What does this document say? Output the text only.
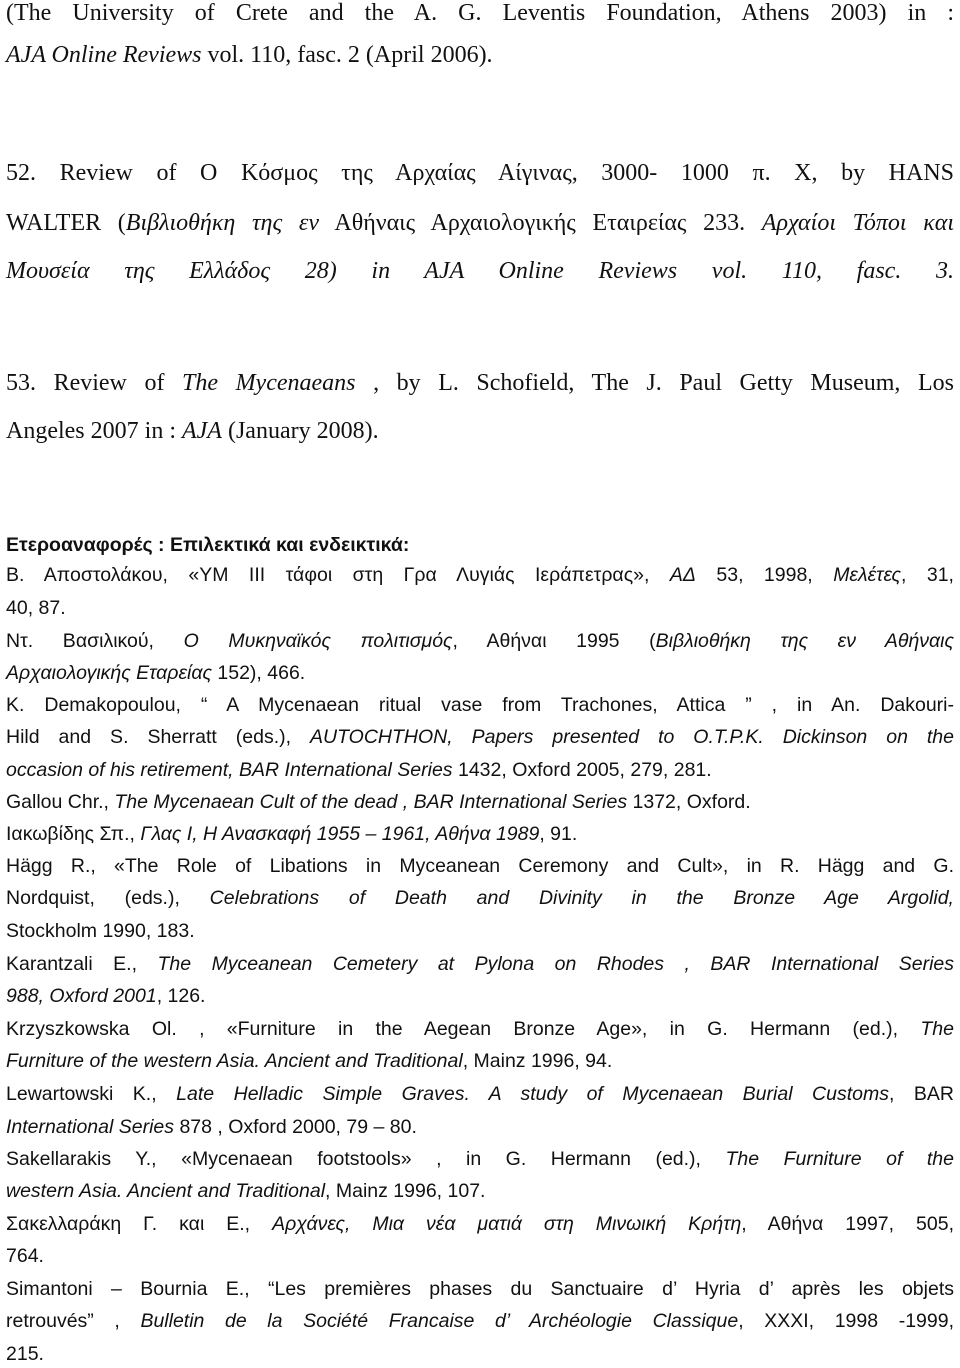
(The University of Crete and the A. G. Leventis Foundation, Athens 2003) in :
AJA Online Reviews vol. 110, fasc. 2 (April 2006).
52. Review of Ο Κόσμος της Αρχαίας Αίγινας, 3000- 1000 π. Χ, by HANS
WALTER (Βιβλιοθήκη της εν Αθήναις Αρχαιολογικής Εταιρείας 233. Αρχαίοι Τόποι και
Μουσεία της Ελλάδος 28) in AJA Online Reviews vol. 110, fasc. 3.
53. Review of The Mycenaeans , by L. Schofield, The J. Paul Getty Museum, Los
Angeles 2007 in : AJA (January 2008).
Ετεροαναφορές : Επιλεκτικά και ενδεικτικά:
Β. Αποστολάκου, «ΥΜ ΙΙΙ τάφοι στη Γρα Λυγιάς Ιεράπετρας», ΑΔ 53, 1998, Μελέτες, 31,
40, 87.
Ντ. Βασιλικού, Ο Μυκηναϊκός πολιτισμός, Αθήναι 1995 (Βιβλιοθήκη της εν Αθήναις
Αρχαιολογικής Εταρείας 152), 466.
K. Demakopoulou, “ A Mycenaean ritual vase from Trachones, Attica ” , in An. Dakouri-
Hild and S. Sherratt (eds.), AUTOCHTHON, Papers presented to O.T.P.K. Dickinson on the
occasion of his retirement, BAR International Series 1432, Oxford 2005, 279, 281.
Gallou Chr., The Mycenaean Cult of the dead , BAR International Series 1372, Oxford.
Ιακωβίδης Σπ., Γλας Ι, Η Ανασκαφή 1955 – 1961, Αθήνα 1989, 91.
Hägg R., «The Role of Libations in Myceanean Ceremony and Cult», in R. Hägg and G.
Nordquist, (eds.), Celebrations of Death and Divinity in the Bronze Age Argolid,
Stockholm 1990, 183.
Karantzali E., The Myceanean Cemetery at Pylona on Rhodes , BAR International Series
988, Oxford 2001, 126.
Krzyszkowska Ol. , «Furniture in the Aegean Bronze Age», in G. Hermann (ed.), The
Furniture of the western Asia. Ancient and Traditional, Mainz 1996, 94.
Lewartowski K., Late Helladic Simple Graves. A study of Mycenaean Burial Customs, BAR
International Series 878 , Oxford 2000, 79 – 80.
Sakellarakis Y., «Mycenaean footstools» , in G. Hermann (ed.), The Furniture of the
western Asia. Ancient and Traditional, Mainz 1996, 107.
Σακελλαράκη Γ. και Ε., Αρχάνες, Μια νέα ματιά στη Μινωική Κρήτη, Αθήνα 1997, 505,
764.
Simantoni – Bournia E., “Les premières phases du Sanctuaire d’ Hyria d’ après les objets
retrouvés” , Bulletin de la Société Francaise d’ Archéologie Classique, XXXI, 1998 -1999,
215.
